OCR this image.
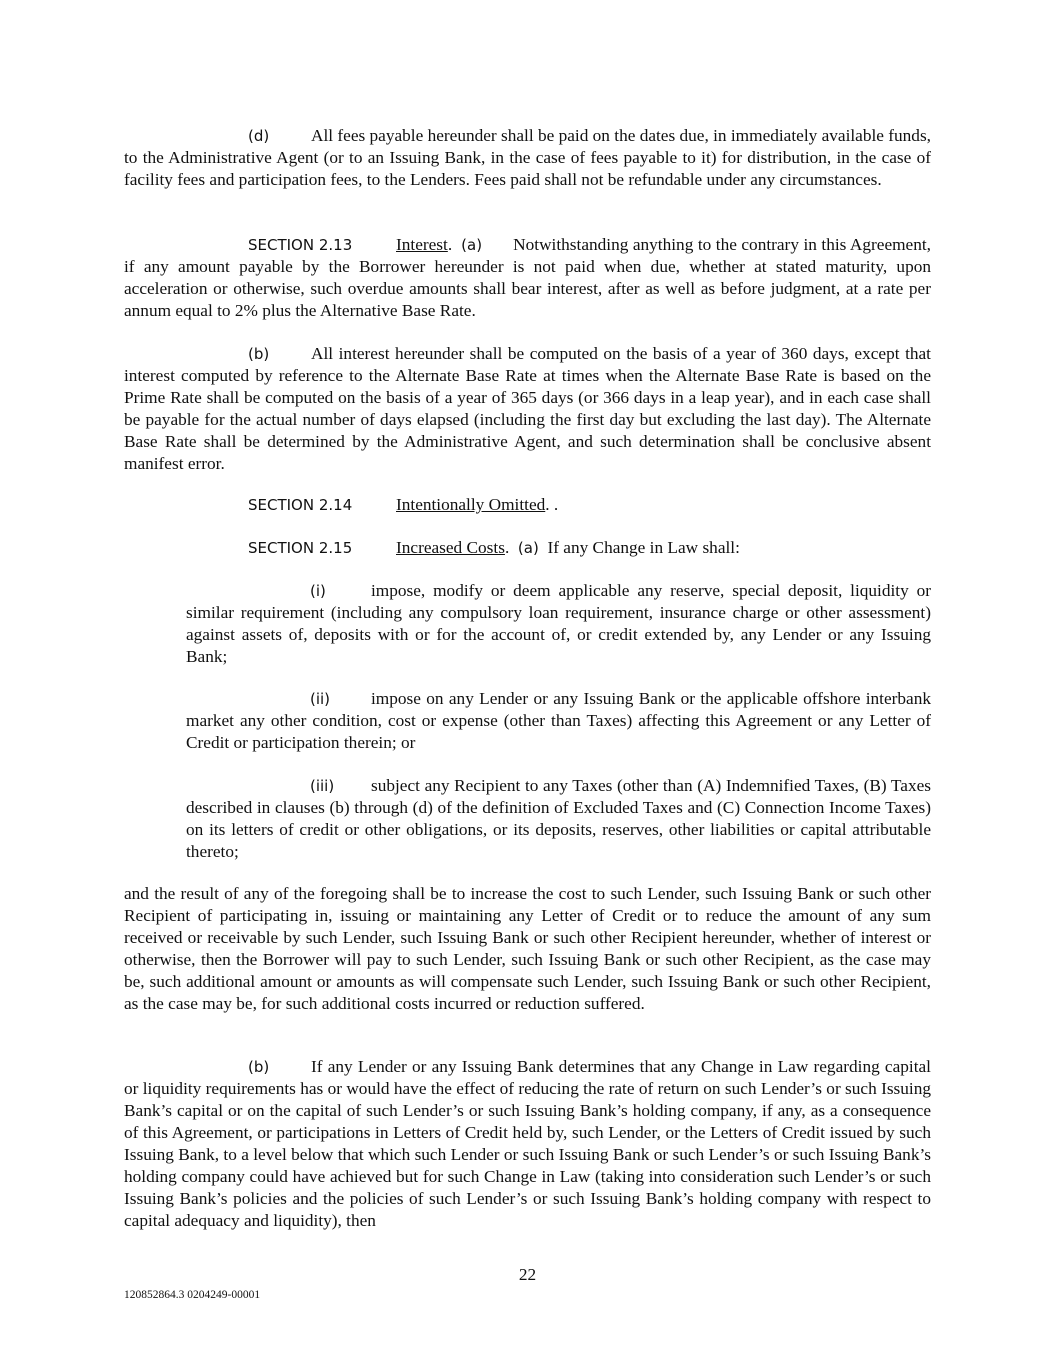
(d) All fees payable hereunder shall be paid on the dates due, in immediately available funds, to the Administrative Agent (or to an Issuing Bank, in the case of fees payable to it) for distribution, in the case of facility fees and participation fees, to the Lenders. Fees paid shall not be refundable under any circumstances.

SECTION 2.13	Interest.  (a) Notwithstanding anything to the contrary in this Agreement, if any amount payable by the Borrower hereunder is not paid when due, whether at stated maturity, upon acceleration or otherwise, such overdue amounts shall bear interest, after as well as before judgment, at a rate per annum equal to 2% plus the Alternative Base Rate.

(b) All interest hereunder shall be computed on the basis of a year of 360 days, except that interest computed by reference to the Alternate Base Rate at times when the Alternate Base Rate is based on the Prime Rate shall be computed on the basis of a year of 365 days (or 366 days in a leap year), and in each case shall be payable for the actual number of days elapsed (including the first day but excluding the last day). The Alternate Base Rate shall be determined by the Administrative Agent, and such determination shall be conclusive absent manifest error.

SECTION 2.14	Intentionally Omitted. .

SECTION 2.15	Increased Costs.  (a) If any Change in Law shall:

(i)	impose, modify or deem applicable any reserve, special deposit, liquidity or similar requirement (including any compulsory loan requirement, insurance charge or other assessment) against assets of, deposits with or for the account of, or credit extended by, any Lender or any Issuing Bank;

(ii) impose on any Lender or any Issuing Bank or the applicable offshore interbank market any other condition, cost or expense (other than Taxes) affecting this Agreement or any Letter of Credit or participation therein; or

(iii) subject any Recipient to any Taxes (other than (A) Indemnified Taxes, (B) Taxes described in clauses (b) through (d) of the definition of Excluded Taxes and (C) Connection Income Taxes) on its letters of credit or other obligations, or its deposits, reserves, other liabilities or capital attributable thereto;

and the result of any of the foregoing shall be to increase the cost to such Lender, such Issuing Bank or such other Recipient of participating in, issuing or maintaining any Letter of Credit or to reduce the amount of any sum received or receivable by such Lender, such Issuing Bank or such other Recipient hereunder, whether of interest or otherwise, then the Borrower will pay to such Lender, such Issuing Bank or such other Recipient, as the case may be, such additional amount or amounts as will compensate such Lender, such Issuing Bank or such other Recipient, as the case may be, for such additional costs incurred or reduction suffered.

(b) If any Lender or any Issuing Bank determines that any Change in Law regarding capital or liquidity requirements has or would have the effect of reducing the rate of return on such Lender’s or such Issuing Bank’s capital or on the capital of such Lender’s or such Issuing Bank’s holding company, if any, as a consequence of this Agreement, or participations in Letters of Credit held by, such Lender, or the Letters of Credit issued by such Issuing Bank, to a level below that which such Lender or such Issuing Bank or such Lender’s or such Issuing Bank’s holding company could have achieved but for such Change in Law (taking into consideration such Lender’s or such Issuing Bank’s policies and the policies of such Lender’s or such Issuing Bank’s holding company with respect to capital adequacy and liquidity), then

22
120852864.3 0204249-00001
